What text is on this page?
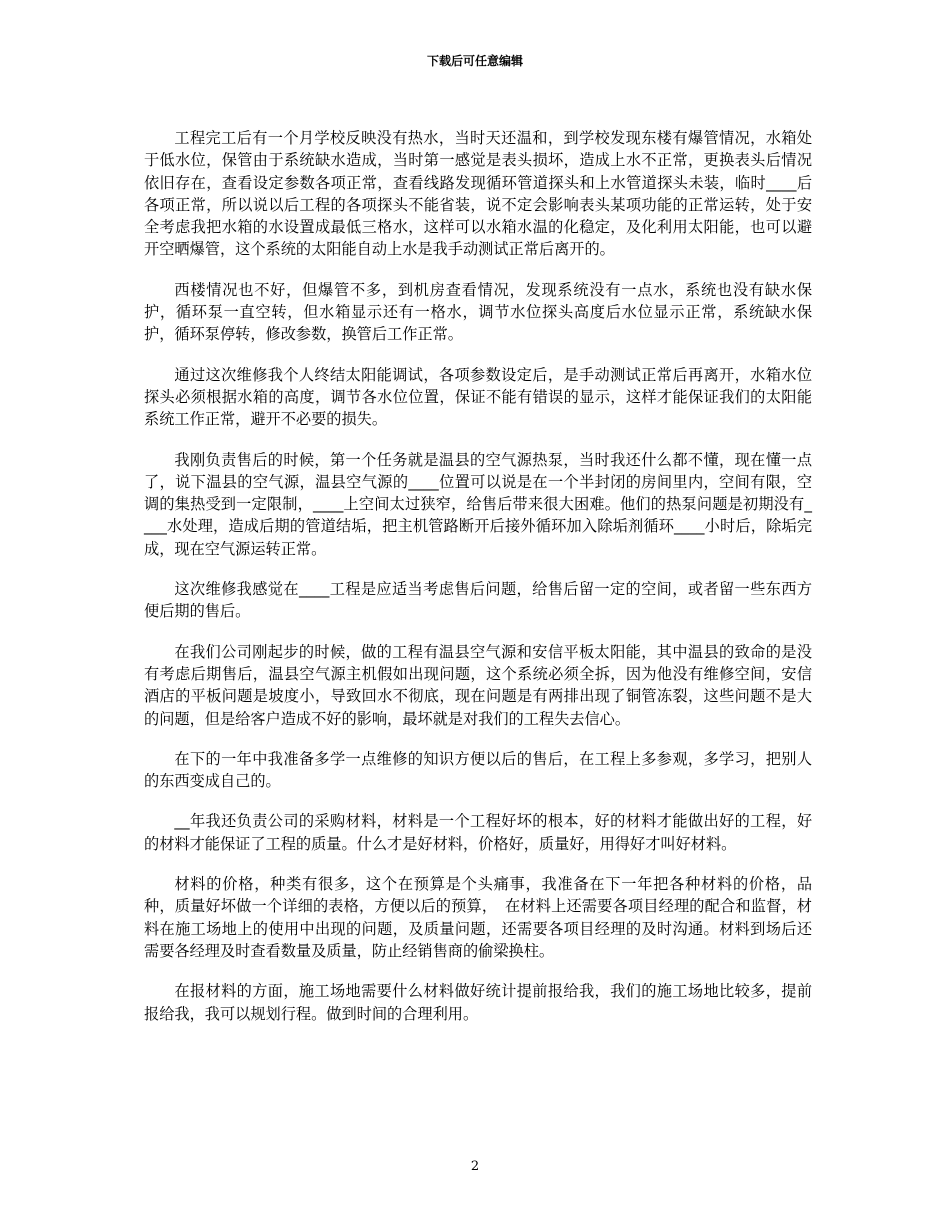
下载后可任意编辑

工程完工后有一个月学校反映没有热水，当时天还温和，到学校发现东楼有爆管情况，水箱处于低水位，保管由于系统缺水造成，当时第一感觉是表头损坏，造成上水不正常，更换表头后情况依旧存在，查看设定参数各项正常，查看线路发现循环管道探头和上水管道探头未装，临时____后各项正常，所以说以后工程的各项探头不能省装，说不定会影响表头某项功能的正常运转，处于安全考虑我把水箱的水设置成最低三格水，这样可以水箱水温的化稳定，及化利用太阳能，也可以避开空晒爆管，这个系统的太阳能自动上水是我手动测试正常后离开的。

西楼情况也不好，但爆管不多，到机房查看情况，发现系统没有一点水，系统也没有缺水保护，循环泵一直空转，但水箱显示还有一格水，调节水位探头高度后水位显示正常，系统缺水保护，循环泵停转，修改参数，换管后工作正常。

通过这次维修我个人终结太阳能调试，各项参数设定后，是手动测试正常后再离开，水箱水位探头必须根据水箱的高度，调节各水位位置，保证不能有错误的显示，这样才能保证我们的太阳能系统工作正常，避开不必要的损失。

我刚负责售后的时候，第一个任务就是温县的空气源热泵，当时我还什么都不懂，现在懂一点了，说下温县的空气源，温县空气源的____位置可以说是在一个半封闭的房间里内，空间有限，空调的集热受到一定限制，____上空间太过狭窄，给售后带来很大困难。他们的热泵问题是初期没有____水处理，造成后期的管道结垢，把主机管路断开后接外循环加入除垢剂循环____小时后，除垢完成，现在空气源运转正常。

这次维修我感觉在____工程是应适当考虑售后问题，给售后留一定的空间，或者留一些东西方便后期的售后。

在我们公司刚起步的时候，做的工程有温县空气源和安信平板太阳能，其中温县的致命的是没有考虑后期售后，温县空气源主机假如出现问题，这个系统必须全拆，因为他没有维修空间，安信酒店的平板问题是坡度小，导致回水不彻底，现在问题是有两排出现了铜管冻裂，这些问题不是大的问题，但是给客户造成不好的影响，最坏就是对我们的工程失去信心。

在下的一年中我准备多学一点维修的知识方便以后的售后，在工程上多参观，多学习，把别人的东西变成自己的。

__年我还负责公司的采购材料，材料是一个工程好坏的根本，好的材料才能做出好的工程，好的材料才能保证了工程的质量。什么才是好材料，价格好，质量好，用得好才叫好材料。

材料的价格，种类有很多，这个在预算是个头痛事，我准备在下一年把各种材料的价格，品种，质量好坏做一个详细的表格，方便以后的预算，　在材料上还需要各项目经理的配合和监督，材料在施工场地上的使用中出现的问题，及质量问题，还需要各项目经理的及时沟通。材料到场后还需要各经理及时查看数量及质量，防止经销售商的偷梁换柱。

在报材料的方面，施工场地需要什么材料做好统计提前报给我，我们的施工场地比较多，提前报给我，我可以规划行程。做到时间的合理利用。

2
